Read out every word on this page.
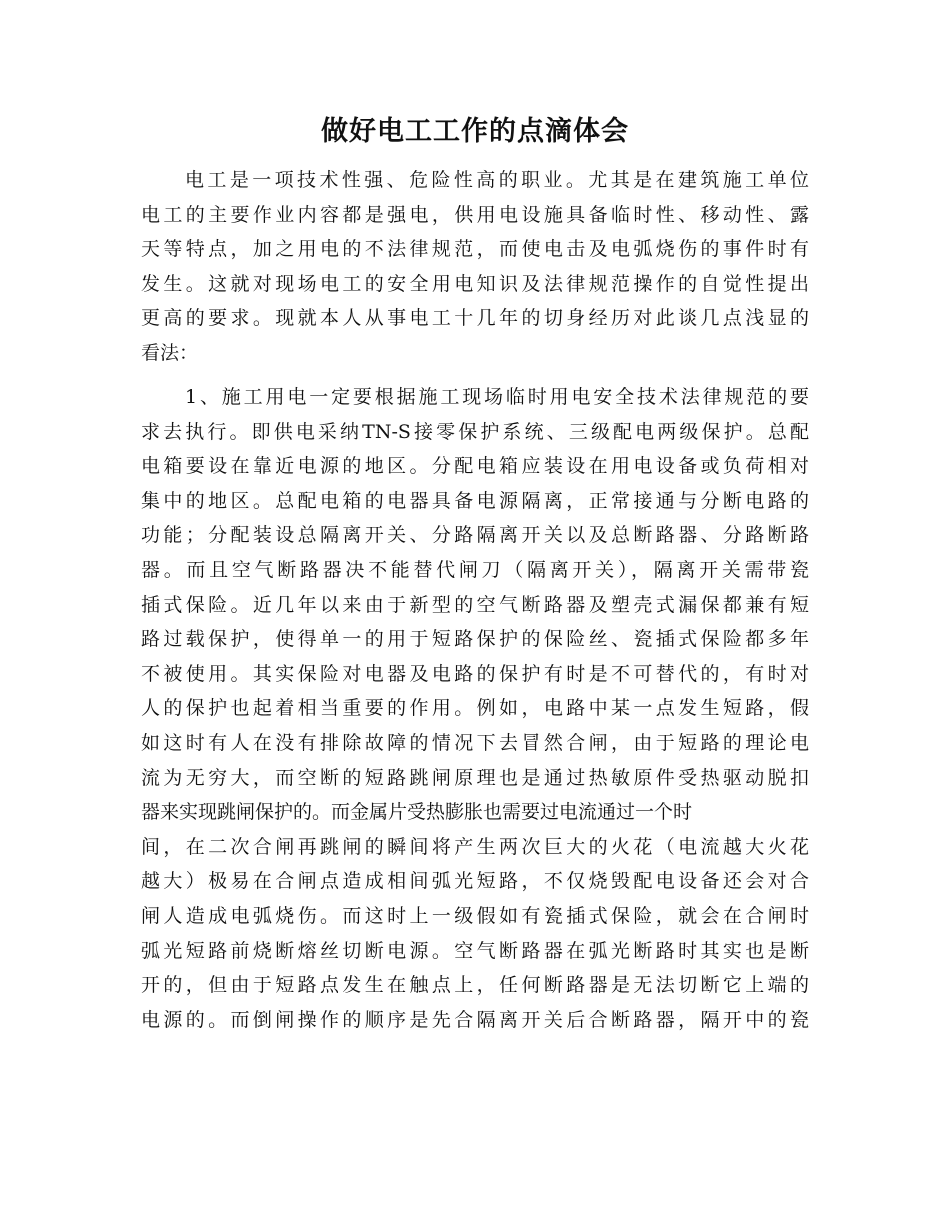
做好电工工作的点滴体会
电工是一项技术性强、危险性高的职业。尤其是在建筑施工单位
电工的主要作业内容都是强电，供用电设施具备临时性、移动性、露
天等特点，加之用电的不法律规范，而使电击及电弧烧伤的事件时有
发生。这就对现场电工的安全用电知识及法律规范操作的自觉性提出
更高的要求。现就本人从事电工十几年的切身经历对此谈几点浅显的
看法：
1、施工用电一定要根据施工现场临时用电安全技术法律规范的要
求去执行。即供电采纳TN-S接零保护系统、三级配电两级保护。总配
电箱要设在靠近电源的地区。分配电箱应装设在用电设备或负荷相对
集中的地区。总配电箱的电器具备电源隔离，正常接通与分断电路的
功能；分配装设总隔离开关、分路隔离开关以及总断路器、分路断路
器。而且空气断路器决不能替代闸刀（隔离开关），隔离开关需带瓷
插式保险。近几年以来由于新型的空气断路器及塑壳式漏保都兼有短
路过载保护，使得单一的用于短路保护的保险丝、瓷插式保险都多年
不被使用。其实保险对电器及电路的保护有时是不可替代的，有时对
人的保护也起着相当重要的作用。例如，电路中某一点发生短路，假
如这时有人在没有排除故障的情况下去冒然合闸，由于短路的理论电
流为无穷大，而空断的短路跳闸原理也是通过热敏原件受热驱动脱扣
器来实现跳闸保护的。而金属片受热膨胀也需要过电流通过一个时
间，在二次合闸再跳闸的瞬间将产生两次巨大的火花（电流越大火花
越大）极易在合闸点造成相间弧光短路，不仅烧毁配电设备还会对合
闸人造成电弧烧伤。而这时上一级假如有瓷插式保险，就会在合闸时
弧光短路前烧断熔丝切断电源。空气断路器在弧光断路时其实也是断
开的，但由于短路点发生在触点上，任何断路器是无法切断它上端的
电源的。而倒闸操作的顺序是先合隔离开关后合断路器，隔开中的瓷
